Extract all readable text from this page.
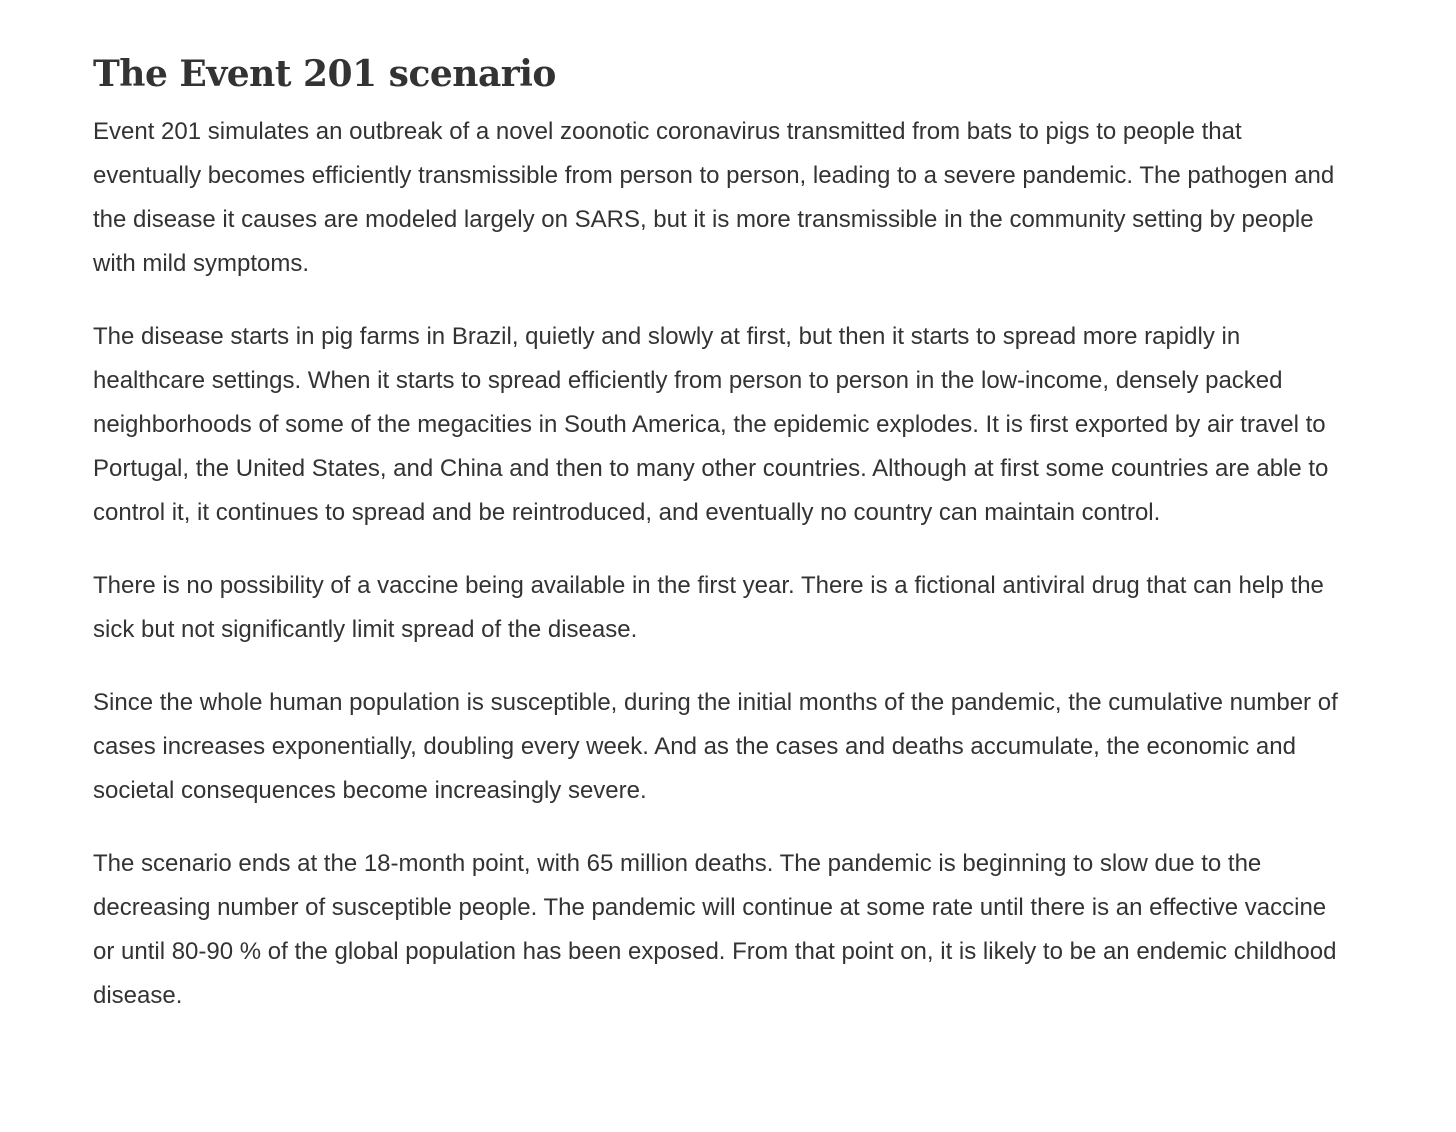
The Event 201 scenario

Event 201 simulates an outbreak of a novel zoonotic coronavirus transmitted from bats to pigs to people that eventually becomes efficiently transmissible from person to person, leading to a severe pandemic. The pathogen and the disease it causes are modeled largely on SARS, but it is more transmissible in the community setting by people with mild symptoms.

The disease starts in pig farms in Brazil, quietly and slowly at first, but then it starts to spread more rapidly in healthcare settings. When it starts to spread efficiently from person to person in the low-income, densely packed neighborhoods of some of the megacities in South America, the epidemic explodes. It is first exported by air travel to Portugal, the United States, and China and then to many other countries. Although at first some countries are able to control it, it continues to spread and be reintroduced, and eventually no country can maintain control.

There is no possibility of a vaccine being available in the first year. There is a fictional antiviral drug that can help the sick but not significantly limit spread of the disease.

Since the whole human population is susceptible, during the initial months of the pandemic, the cumulative number of cases increases exponentially, doubling every week. And as the cases and deaths accumulate, the economic and societal consequences become increasingly severe.

The scenario ends at the 18-month point, with 65 million deaths. The pandemic is beginning to slow due to the decreasing number of susceptible people. The pandemic will continue at some rate until there is an effective vaccine or until 80-90 % of the global population has been exposed. From that point on, it is likely to be an endemic childhood disease.
